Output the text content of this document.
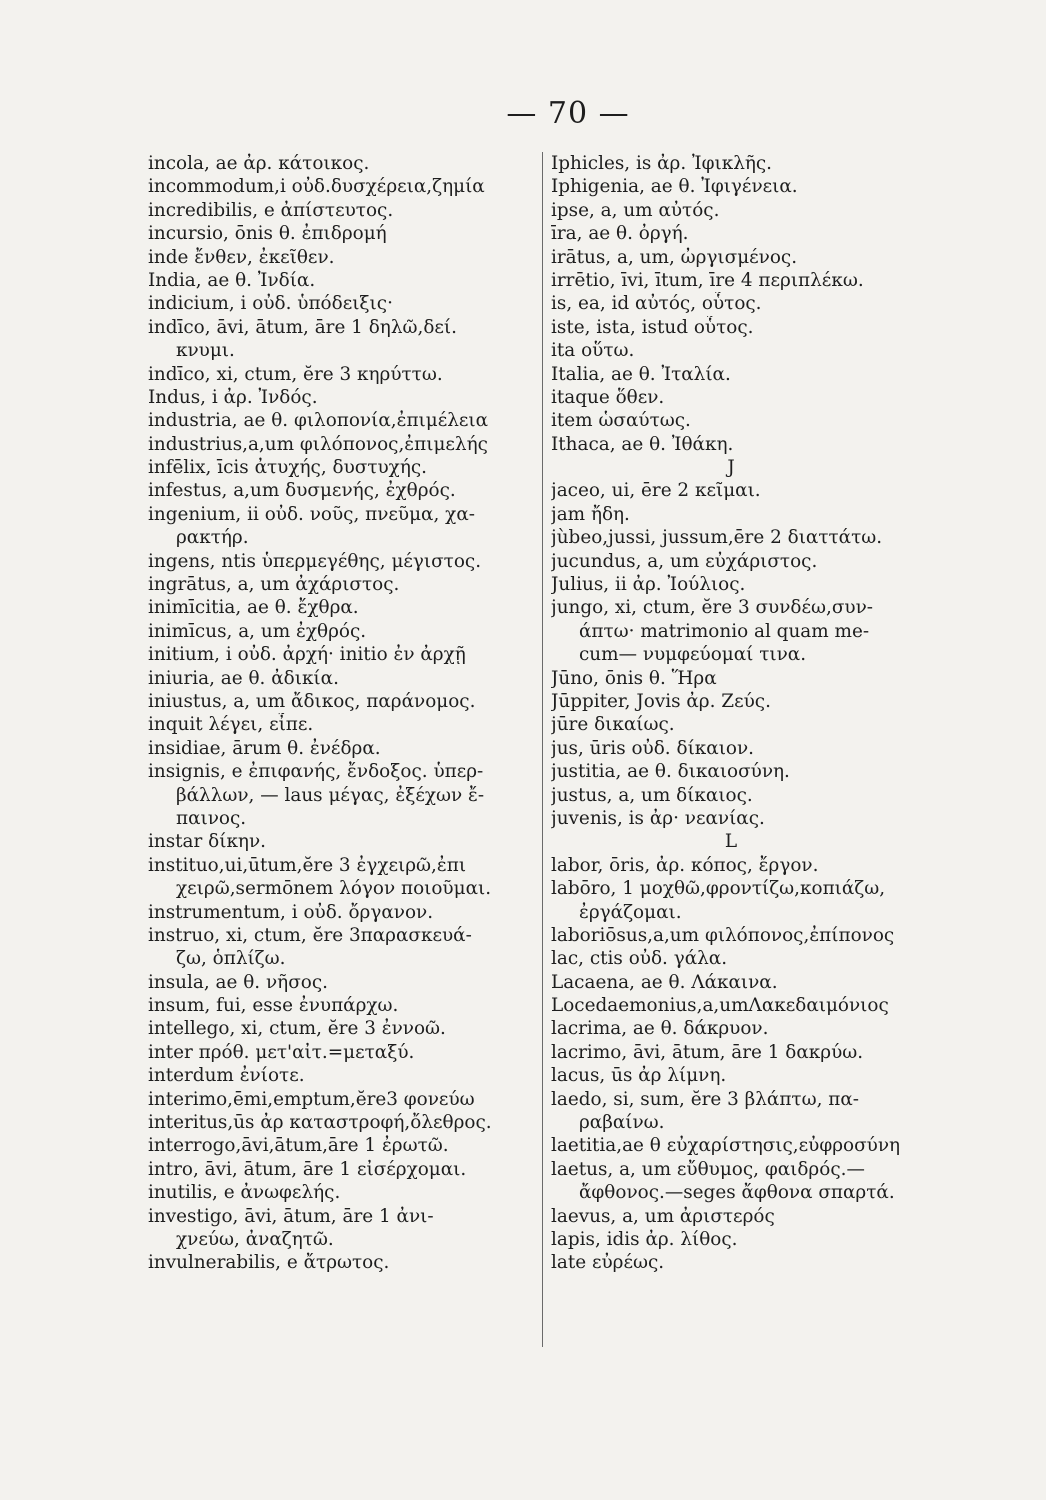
— 70 —
incola, ae ἀρ. κάτοικος.
incommodum,i οὐδ.δυσχέρεια,ζημία
incredibilis, e ἀπίστευτος.
incursio, ōnis θ. ἐπιδρομή
inde ἔνθεν, ἐκεῖθεν.
India, ae θ. Ἰνδία.
indicium, i οὐδ. ὑπόδειξις·
indīco, āvi, ātum, āre 1 δηλῶ,δεί.
κνυμι.
indīco, xi, ctum, ĕre 3 κηρύττω.
Indus, i ἀρ. Ἰνδός.
industria, ae θ. φιλοπονία,ἐπιμέλεια
industrius,a,um φιλόπονος,ἐπιμελής
infēlix, īcis ἀτυχής, δυστυχής.
infestus, a,um δυσμενής, ἐχθρός.
ingenium, ii οὐδ. νοῦς, πνεῦμα, χα-
ρακτήρ.
ingens, ntis ὑπερμεγέθης, μέγιστος.
ingrātus, a, um ἀχάριστος.
inimīcitia, ae θ. ἔχθρα.
inimīcus, a, um ἐχθρός.
initium, i οὐδ. ἀρχή· initio ἐν ἀρχῇ
iniuria, ae θ. ἀδικία.
iniustus, a, um ἄδικος, παράνομος.
inquit λέγει, εἶπε.
insidiae, ārum θ. ἐνέδρα.
insignis, e ἐπιφανής, ἔνδοξος. ὑπερ-
βάλλων, — laus μέγας, ἐξέχων ἔ-
παινος.
instar δίκην.
instituo,ui,ūtum,ĕre 3 ἐγχειρῶ,ἐπι
χειρῶ,sermōnem λόγον ποιοῦμαι.
instrumentum, i οὐδ. ὄργανον.
instruo, xi, ctum, ĕre 3παρασκευά-
ζω, ὁπλίζω.
insula, ae θ. νῆσος.
insum, fui, esse ἐνυπάρχω.
intellego, xi, ctum, ĕre 3 ἐννοῶ.
inter πρόθ. μετ'αἰτ.=μεταξύ.
interdum ἐνίοτε.
interimo,ēmi,emptum,ĕre3 φονεύω
interitus,ūs ἀρ καταστροφή,ὄλεθρος.
interrogo,āvi,ātum,āre 1 ἐρωτῶ.
intro, āvi, ātum, āre 1 εἰσέρχομαι.
inutilis, e ἀνωφελής.
investigo, āvi, ātum, āre 1 ἀνι-
χνεύω, ἀναζητῶ.
invulnerabilis, e ἄτρωτος.
Iphicles, is ἀρ. Ἰφικλῆς.
Iphigenia, ae θ. Ἰφιγένεια.
ipse, a, um αὐτός.
īra, ae θ. ὀργή.
irātus, a, um, ὠργισμένος.
irrētio, īvi, ītum, īre 4 περιπλέκω.
is, ea, id αὐτός, οὗτος.
iste, ista, istud οὗτος.
ita οὕτω.
Italia, ae θ. Ἰταλία.
itaque ὅθεν.
item ὡσαύτως.
Ithaca, ae θ. Ἰθάκη.
J
jaceo, ui, ēre 2 κεῖμαι.
jam ἤδη.
jùbeo,jussi, jussum,ēre 2 διαττάτω.
jucundus, a, um εὐχάριστος.
Julius, ii ἀρ. Ἰούλιος.
jungo, xi, ctum, ĕre 3 συνδέω,συν-
άπτω· matrimonio al quam me-
cum— νυμφεύομαί τινα.
Jūno, ōnis θ. Ἥρα
Jūppiter, Jovis ἀρ. Ζεύς.
jūre δικαίως.
jus, ūris οὐδ. δίκαιον.
justitia, ae θ. δικαιοσύνη.
justus, a, um δίκαιος.
juvenis, is ἀρ· νεανίας.
L
labor, ōris, ἀρ. κόπος, ἔργον.
labōro, 1 μοχθῶ,φροντίζω,κοπιάζω,
ἐργάζομαι.
laboriōsus,a,um φιλόπονος,ἐπίπονος
lac, ctis οὐδ. γάλα.
Lacaena, ae θ. Λάκαινα.
Locedaemonius,a,umΛακεδαιμόνιος
lacrima, ae θ. δάκρυον.
lacrimo, āvi, ātum, āre 1 δακρύω.
lacus, ūs ἀρ λίμνη.
laedo, si, sum, ĕre 3 βλάπτω, πα-
ραβαίνω.
laetitia,ae θ εὐχαρίστησις,εὐφροσύνη
laetus, a, um εὔθυμος, φαιδρός.—
ἄφθονος.—seges ἄφθονα σπαρτά.
laevus, a, um ἀριστερός
lapis, idis ἀρ. λίθος.
late εὐρέως.
